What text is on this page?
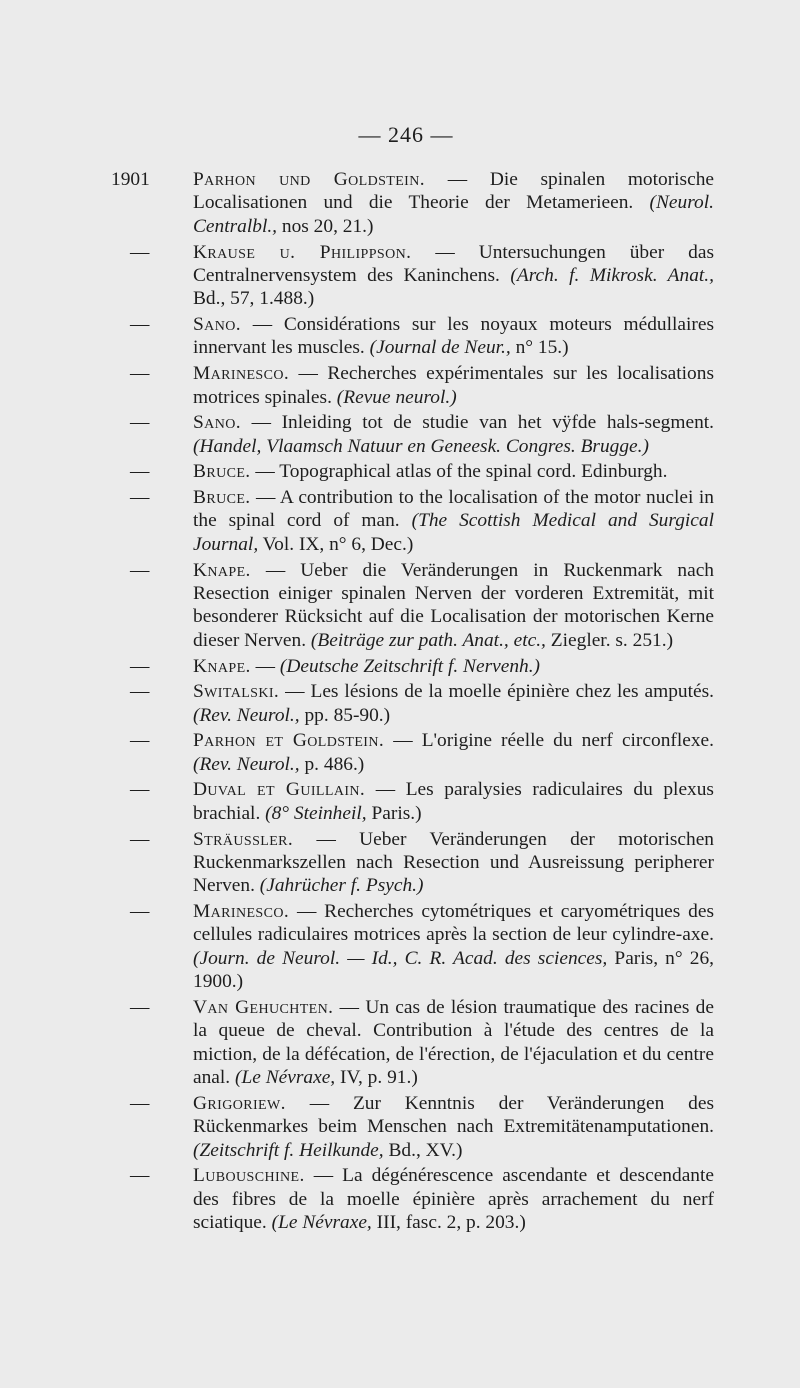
— 246 —
1901	Parhon und Goldstein. — Die spinalen motorische Localisationen und die Theorie der Metamerieen. (Neurol. Centralbl., nos 20, 21.)
—	Krause u. Philippson. — Untersuchungen über das Centralnervensystem des Kaninchens. (Arch. f. Mikrosk. Anat., Bd., 57, 1.488.)
—	Sano. — Considérations sur les noyaux moteurs médullaires innervant les muscles. (Journal de Neur., n° 15.)
—	Marinesco. — Recherches expérimentales sur les localisations motrices spinales. (Revue neurol.)
—	Sano. — Inleiding tot de studie van het vÿfde hals-segment. (Handel, Vlaamsch Natuur en Geneesk. Congres. Brugge.)
—	Bruce. — Topographical atlas of the spinal cord. Edinburgh.
—	Bruce. — A contribution to the localisation of the motor nuclei in the spinal cord of man. (The Scottish Medical and Surgical Journal, Vol. IX, n° 6, Dec.)
—	Knape. — Ueber die Veränderungen in Ruckenmark nach Resection einiger spinalen Nerven der vorderen Extremität, mit besonderer Rücksicht auf die Localisation der motorischen Kerne dieser Nerven. (Beiträge zur path. Anat., etc., Ziegler. s. 251.)
—	Knape. — (Deutsche Zeitschrift f. Nervenh.)
—	Switalski. — Les lésions de la moelle épinière chez les amputés. (Rev. Neurol., pp. 85-90.)
—	Parhon et Goldstein. — L'origine réelle du nerf circonflexe. (Rev. Neurol., p. 486.)
—	Duval et Guillain. — Les paralysies radiculaires du plexus brachial. (8° Steinheil, Paris.)
—	Sträussler. — Ueber Veränderungen der motorischen Ruckenmarkszellen nach Resection und Ausreissung peripherer Nerven. (Jahrücher f. Psych.)
—	Marinesco. — Recherches cytométriques et caryométriques des cellules radiculaires motrices après la section de leur cylindre-axe. (Journ. de Neurol. — Id., C. R. Acad. des sciences, Paris, n° 26, 1900.)
—	Van Gehuchten. — Un cas de lésion traumatique des racines de la queue de cheval. Contribution à l'étude des centres de la miction, de la défécation, de l'érection, de l'éjaculation et du centre anal. (Le Névraxe, IV, p. 91.)
—	Grigoriew. — Zur Kenntnis der Veränderungen des Rückenmarkes beim Menschen nach Extremitätenamputationen. (Zeitschrift f. Heilkunde, Bd., XV.)
—	Lubouschine. — La dégénérescence ascendante et descendante des fibres de la moelle épinière après arrachement du nerf sciatique. (Le Névraxe, III, fasc. 2, p. 203.)
